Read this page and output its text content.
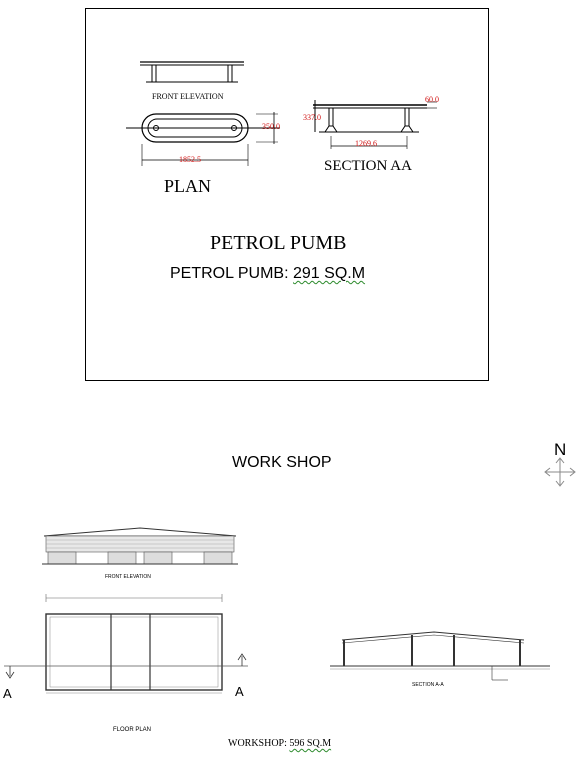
FRONT ELEVATION
350.0
1852.5
PLAN
60.0
337.0
1269.6
SECTION AA
PETROL PUMB
PETROL PUMB: 291 SQ.M
WORK SHOP
N
FRONT ELEVATION
A	A
FLOOR PLAN
SECTION A-A
WORKSHOP: 596 SQ.M
